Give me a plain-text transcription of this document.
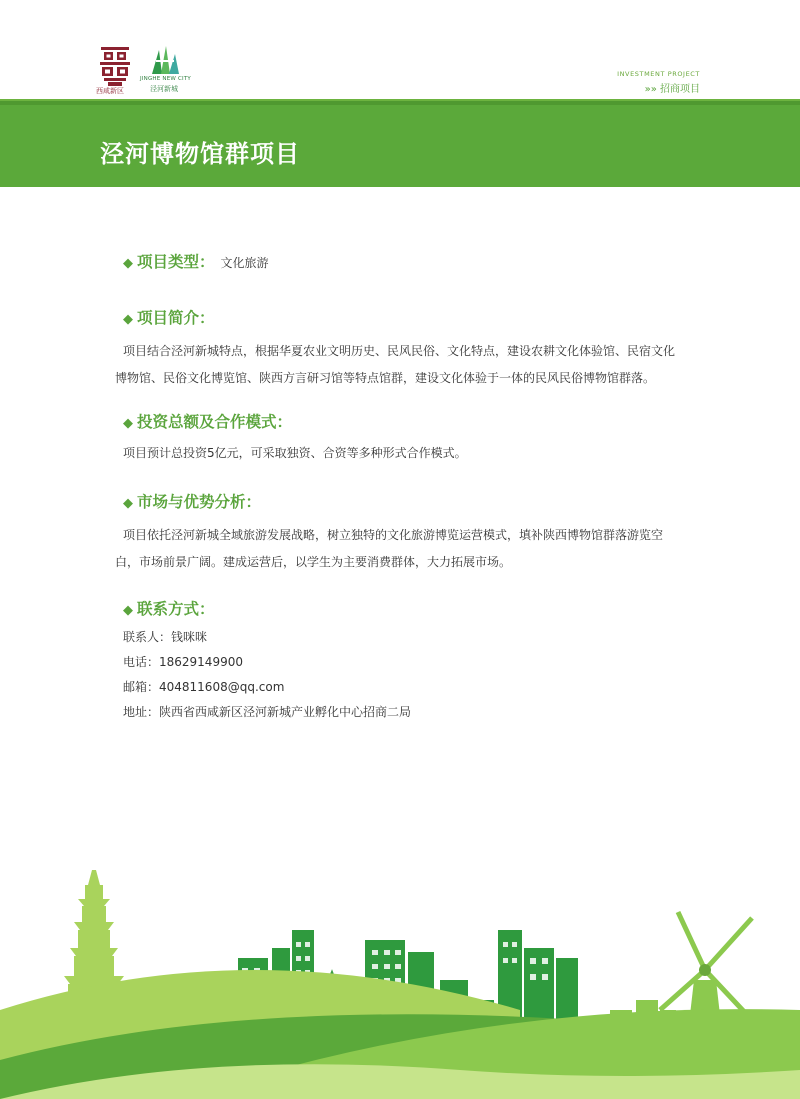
西咸新区
JINGHE NEW CITY
泾河新城
INVESTMENT PROJECT
»» 招商项目
泾河博物馆群项目
◆ 项目类型： 文化旅游
◆ 项目简介：
项目结合泾河新城特点，根据华夏农业文明历史、民风民俗、文化特点，建设农耕文化体验馆、民宿文化
博物馆、民俗文化博览馆、陕西方言研习馆等特点馆群，建设文化体验于一体的民风民俗博物馆群落。
◆ 投资总额及合作模式：
项目预计总投资5亿元，可采取独资、合资等多种形式合作模式。
◆ 市场与优势分析：
项目依托泾河新城全域旅游发展战略，树立独特的文化旅游博览运营模式，填补陕西博物馆群落游览空
白，市场前景广阔。建成运营后，以学生为主要消费群体，大力拓展市场。
◆ 联系方式：
联系人：钱咪咪
电话：18629149900
邮箱：404811608@qq.com
地址：陕西省西咸新区泾河新城产业孵化中心招商二局
